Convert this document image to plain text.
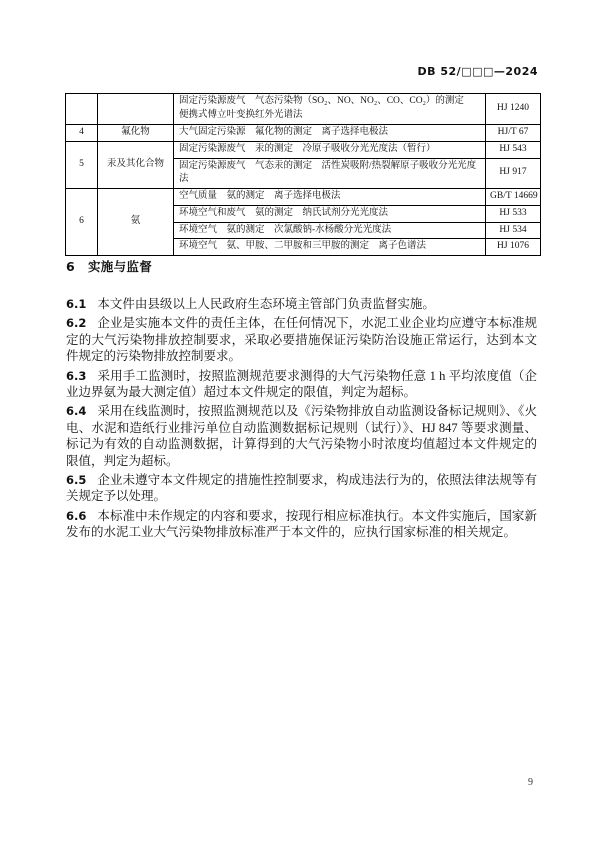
DB 52/□□□—2024
		固定污染源废气　气态污染物（SO₂、NO、NO₂、CO、CO₂）的测定　便携式傅立叶变换红外光谱法	HJ 1240
4	氟化物	大气固定污染源　氟化物的测定　离子选择电极法	HJ/T 67
5	汞及其化合物	固定污染源废气　汞的测定　冷原子吸收分光光度法（暂行）	HJ 543
		固定污染源废气　气态汞的测定　活性炭吸附/热裂解原子吸收分光光度法	HJ 917
6	氨	空气质量　氨的测定　离子选择电极法	GB/T 14669
		环境空气和废气　氨的测定　纳氏试剂分光光度法	HJ 533
		环境空气　氨的测定　次氯酸钠-水杨酸分光光度法	HJ 534
		环境空气　氨、甲胺、二甲胺和三甲胺的测定　离子色谱法	HJ 1076
6 实施与监督

6.1 本文件由县级以上人民政府生态环境主管部门负责监督实施。

6.2 企业是实施本文件的责任主体，在任何情况下，水泥工业企业均应遵守本标准规定的大气污染物排放控制要求，采取必要措施保证污染防治设施正常运行，达到本文件规定的污染物排放控制要求。

6.3 采用手工监测时，按照监测规范要求测得的大气污染物任意 1 h 平均浓度值（企业边界氨为最大测定值）超过本文件规定的限值，判定为超标。

6.4 采用在线监测时，按照监测规范以及《污染物排放自动监测设备标记规则》、《火电、水泥和造纸行业排污单位自动监测数据标记规则（试行）》、HJ 847 等要求测量、标记为有效的自动监测数据，计算得到的大气污染物小时浓度均值超过本文件规定的限值，判定为超标。

6.5 企业未遵守本文件规定的措施性控制要求，构成违法行为的，依照法律法规等有关规定予以处理。

6.6 本标准中未作规定的内容和要求，按现行相应标准执行。本文件实施后，国家新发布的水泥工业大气污染物排放标准严于本文件的，应执行国家标准的相关规定。

9
